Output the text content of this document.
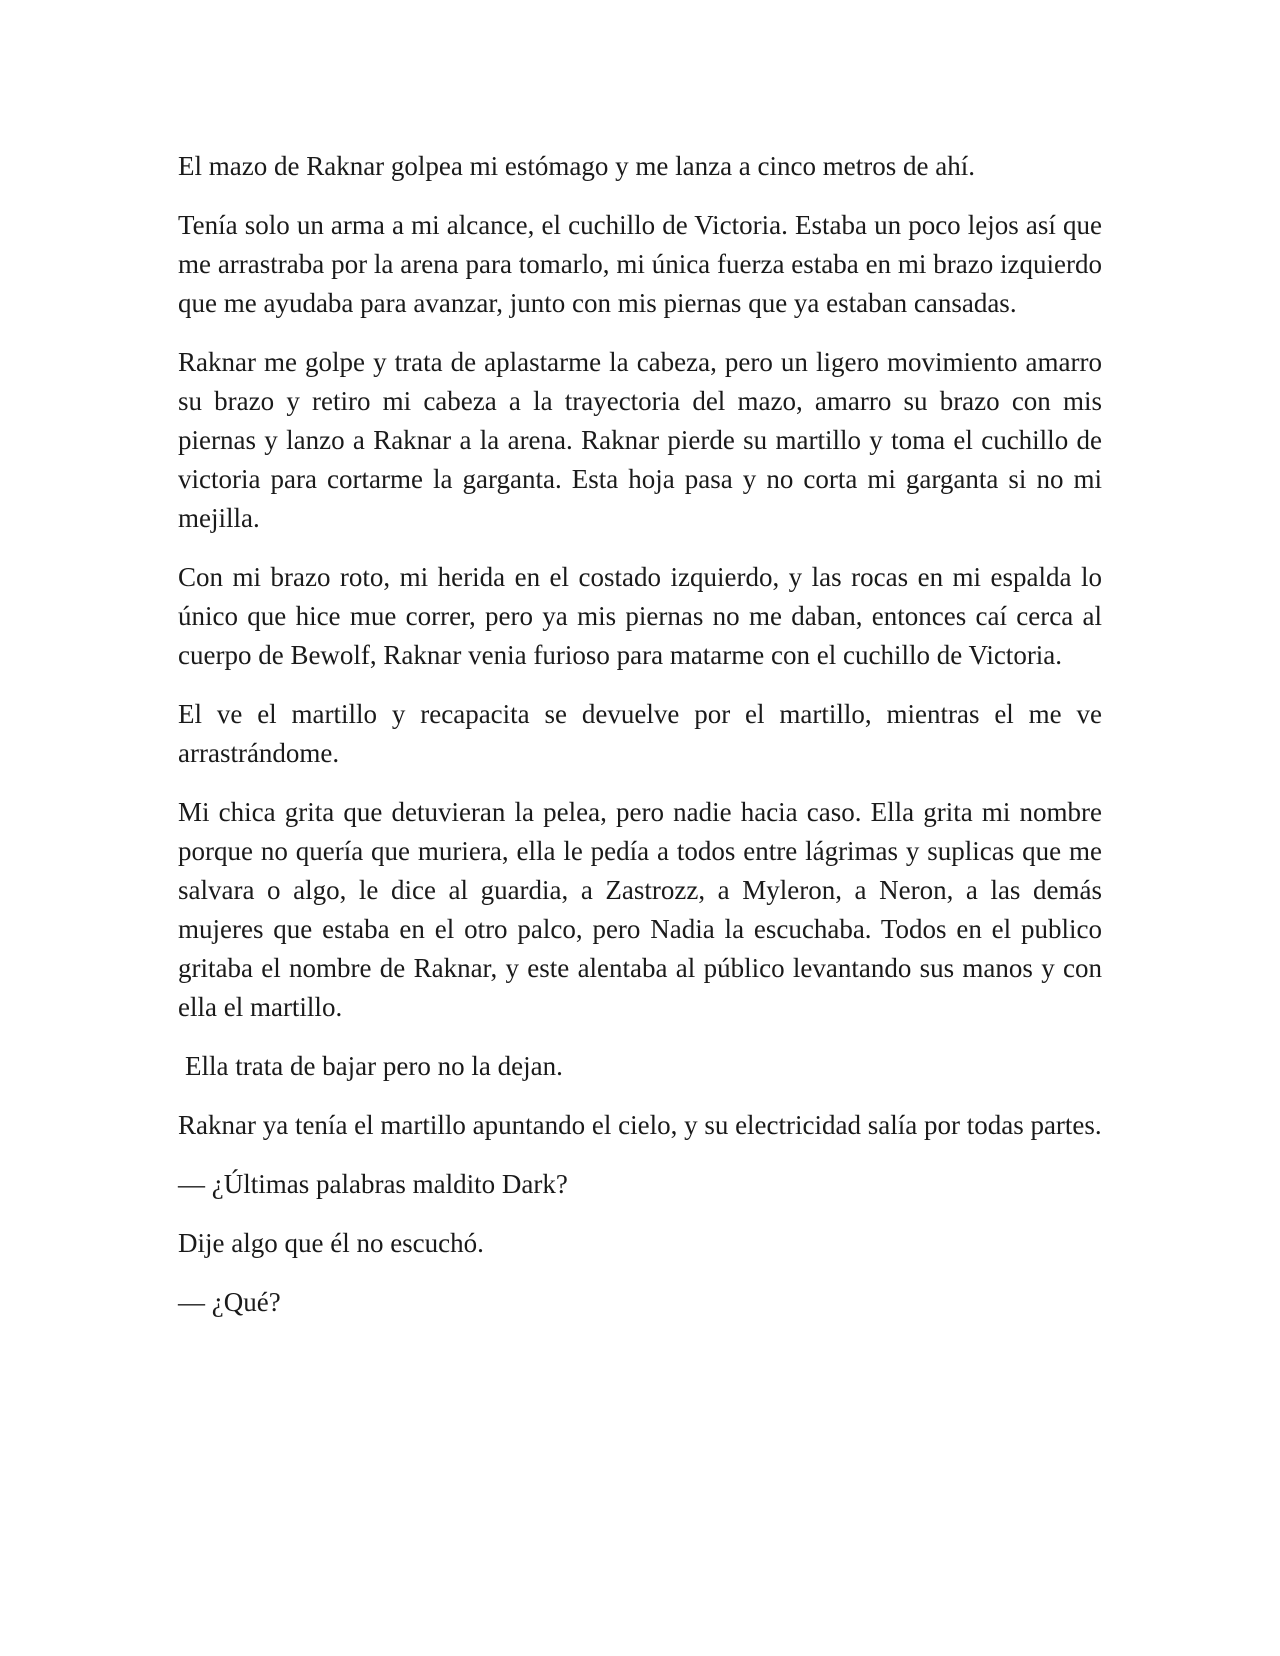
El mazo de Raknar golpea mi estómago y me lanza a cinco metros de ahí.

Tenía solo un arma a mi alcance, el cuchillo de Victoria. Estaba un poco lejos así que me arrastraba por la arena para tomarlo, mi única fuerza estaba en mi brazo izquierdo que me ayudaba para avanzar, junto con mis piernas que ya estaban cansadas.

Raknar me golpe y trata de aplastarme la cabeza, pero un ligero movimiento amarro su brazo y retiro mi cabeza a la trayectoria del mazo, amarro su brazo con mis piernas y lanzo a Raknar a la arena. Raknar pierde su martillo y toma el cuchillo de victoria para cortarme la garganta. Esta hoja pasa y no corta mi garganta si no mi mejilla.

Con mi brazo roto, mi herida en el costado izquierdo, y las rocas en mi espalda lo único que hice mue correr, pero ya mis piernas no me daban, entonces caí cerca al cuerpo de Bewolf, Raknar venia furioso para matarme con el cuchillo de Victoria.

El ve el martillo y recapacita se devuelve por el martillo, mientras el me ve arrastrándome.

Mi chica grita que detuvieran la pelea, pero nadie hacia caso. Ella grita mi nombre porque no quería que muriera, ella le pedía a todos entre lágrimas y suplicas que me salvara o algo, le dice al guardia, a Zastrozz, a Myleron, a Neron, a las demás mujeres que estaba en el otro palco, pero Nadia la escuchaba. Todos en el publico gritaba el nombre de Raknar, y este alentaba al público levantando sus manos y con ella el martillo.

Ella trata de bajar pero no la dejan.

Raknar ya tenía el martillo apuntando el cielo, y su electricidad salía por todas partes.

— ¿Últimas palabras maldito Dark?

Dije algo que él no escuchó.

— ¿Qué?
